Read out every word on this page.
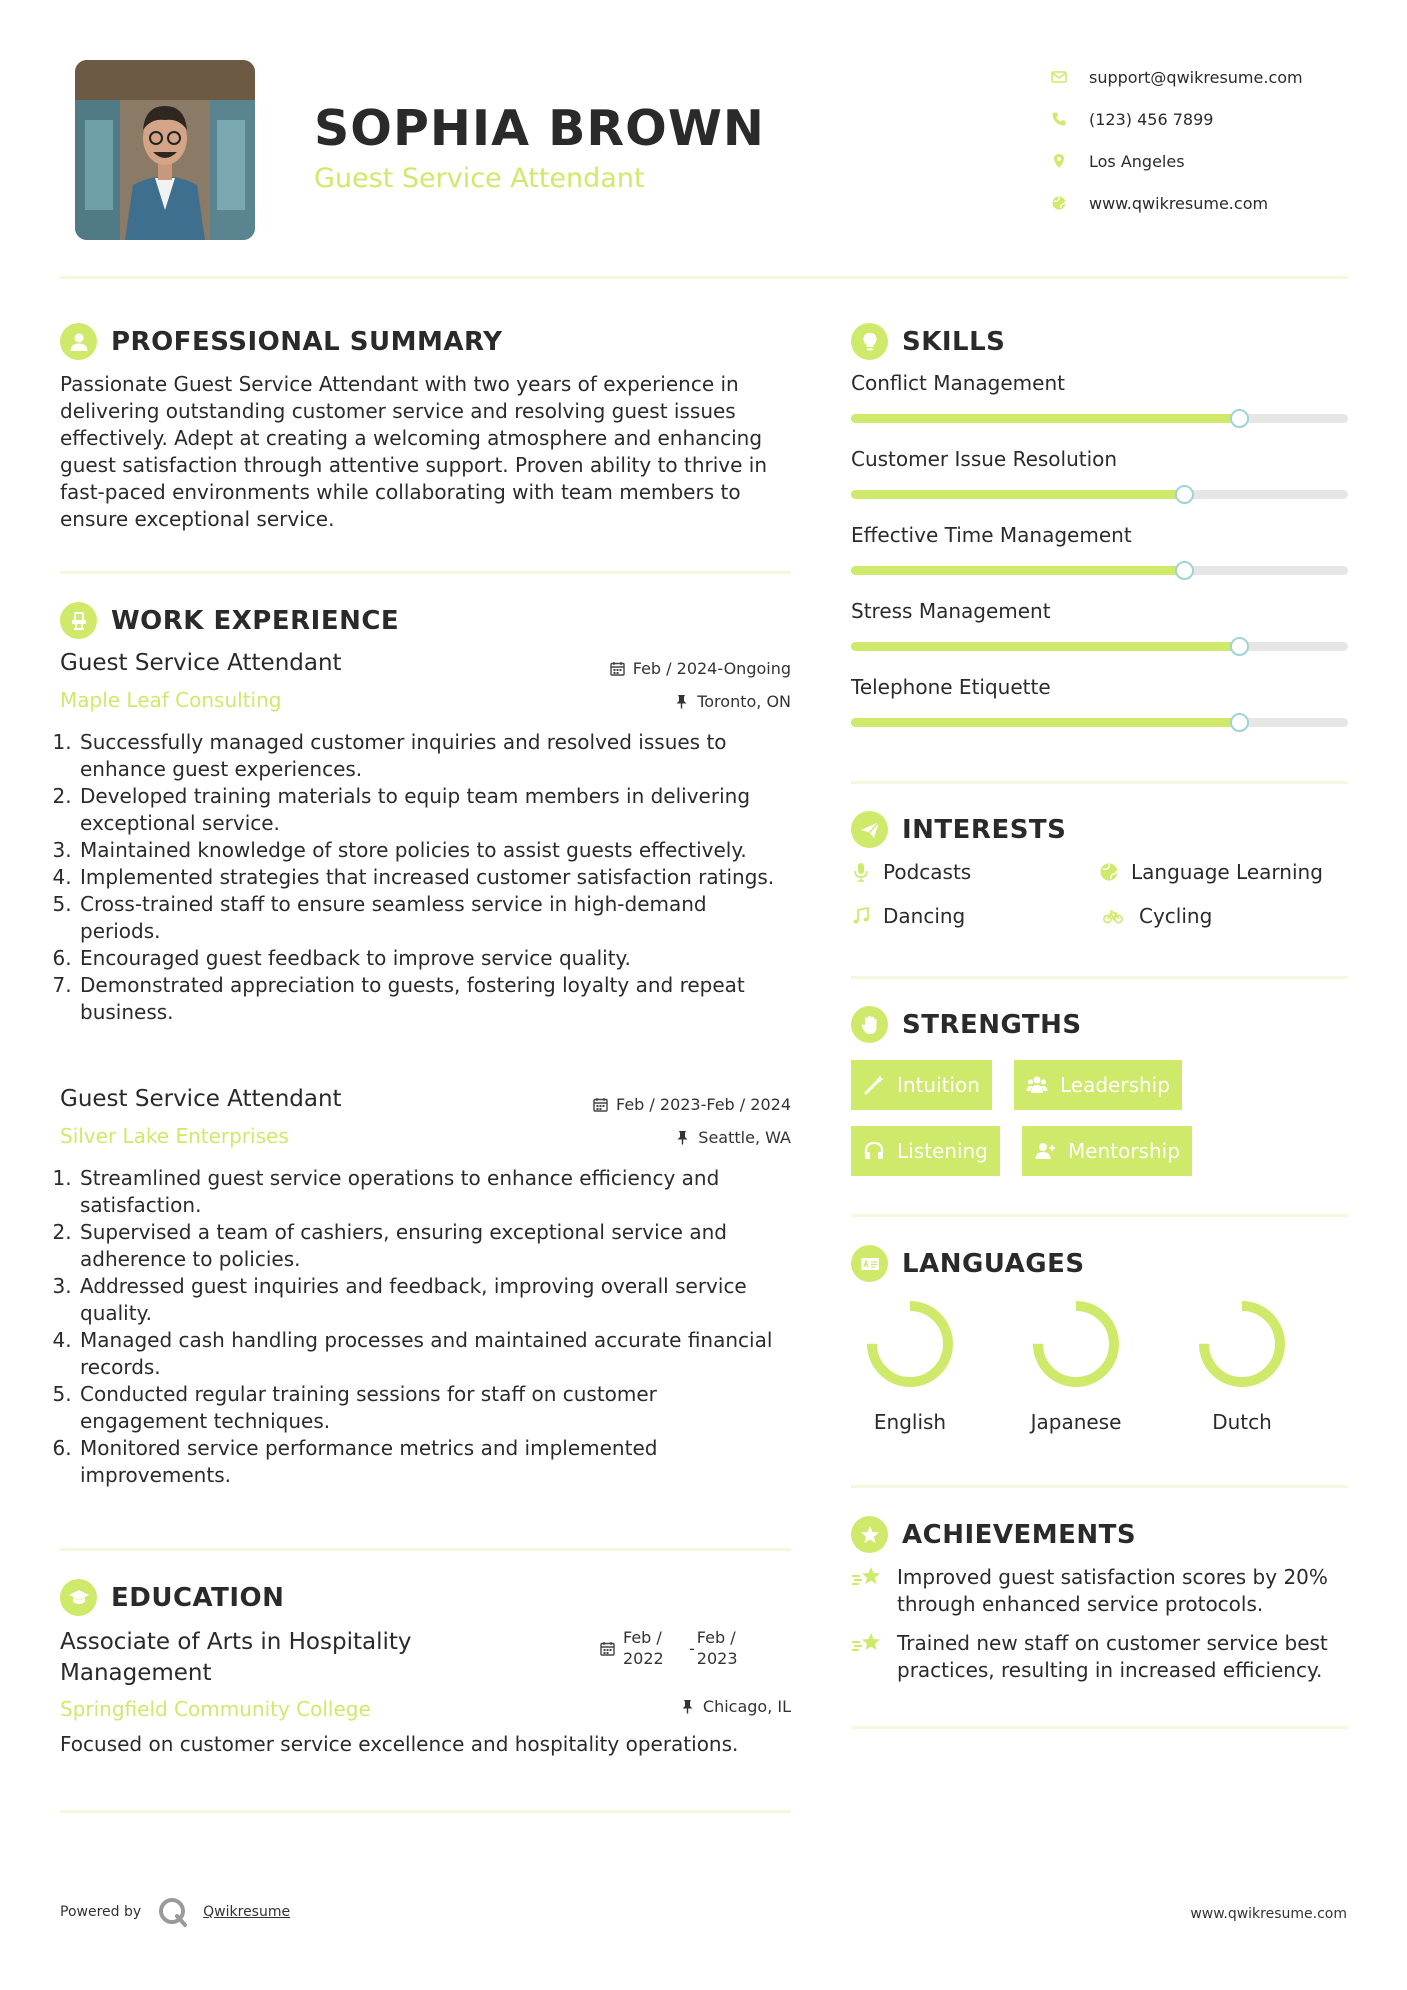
SOPHIA BROWN
Guest Service Attendant
support@qwikresume.com
(123) 456 7899
Los Angeles
www.qwikresume.com
PROFESSIONAL SUMMARY
Passionate Guest Service Attendant with two years of experience in delivering outstanding customer service and resolving guest issues effectively. Adept at creating a welcoming atmosphere and enhancing guest satisfaction through attentive support. Proven ability to thrive in fast-paced environments while collaborating with team members to ensure exceptional service.
WORK EXPERIENCE
Guest Service Attendant	Feb / 2024-Ongoing
Maple Leaf Consulting	Toronto, ON
1. Successfully managed customer inquiries and resolved issues to enhance guest experiences.
2. Developed training materials to equip team members in delivering exceptional service.
3. Maintained knowledge of store policies to assist guests effectively.
4. Implemented strategies that increased customer satisfaction ratings.
5. Cross-trained staff to ensure seamless service in high-demand periods.
6. Encouraged guest feedback to improve service quality.
7. Demonstrated appreciation to guests, fostering loyalty and repeat business.
Guest Service Attendant	Feb / 2023-Feb / 2024
Silver Lake Enterprises	Seattle, WA
1. Streamlined guest service operations to enhance efficiency and satisfaction.
2. Supervised a team of cashiers, ensuring exceptional service and adherence to policies.
3. Addressed guest inquiries and feedback, improving overall service quality.
4. Managed cash handling processes and maintained accurate financial records.
5. Conducted regular training sessions for staff on customer engagement techniques.
6. Monitored service performance metrics and implemented improvements.
EDUCATION
Associate of Arts in Hospitality Management
Feb /
2022
-
Feb /
2023
Springfield Community College	Chicago, IL
Focused on customer service excellence and hospitality operations.
SKILLS
Conflict Management
Customer Issue Resolution
Effective Time Management
Stress Management
Telephone Etiquette
INTERESTS
Podcasts	Language Learning
Dancing	Cycling
STRENGTHS
Intuition	Leadership
Listening	Mentorship
LANGUAGES
English	Japanese	Dutch
ACHIEVEMENTS
Improved guest satisfaction scores by 20% through enhanced service protocols.
Trained new staff on customer service best practices, resulting in increased efficiency.
Powered by	Qwikresume	www.qwikresume.com
